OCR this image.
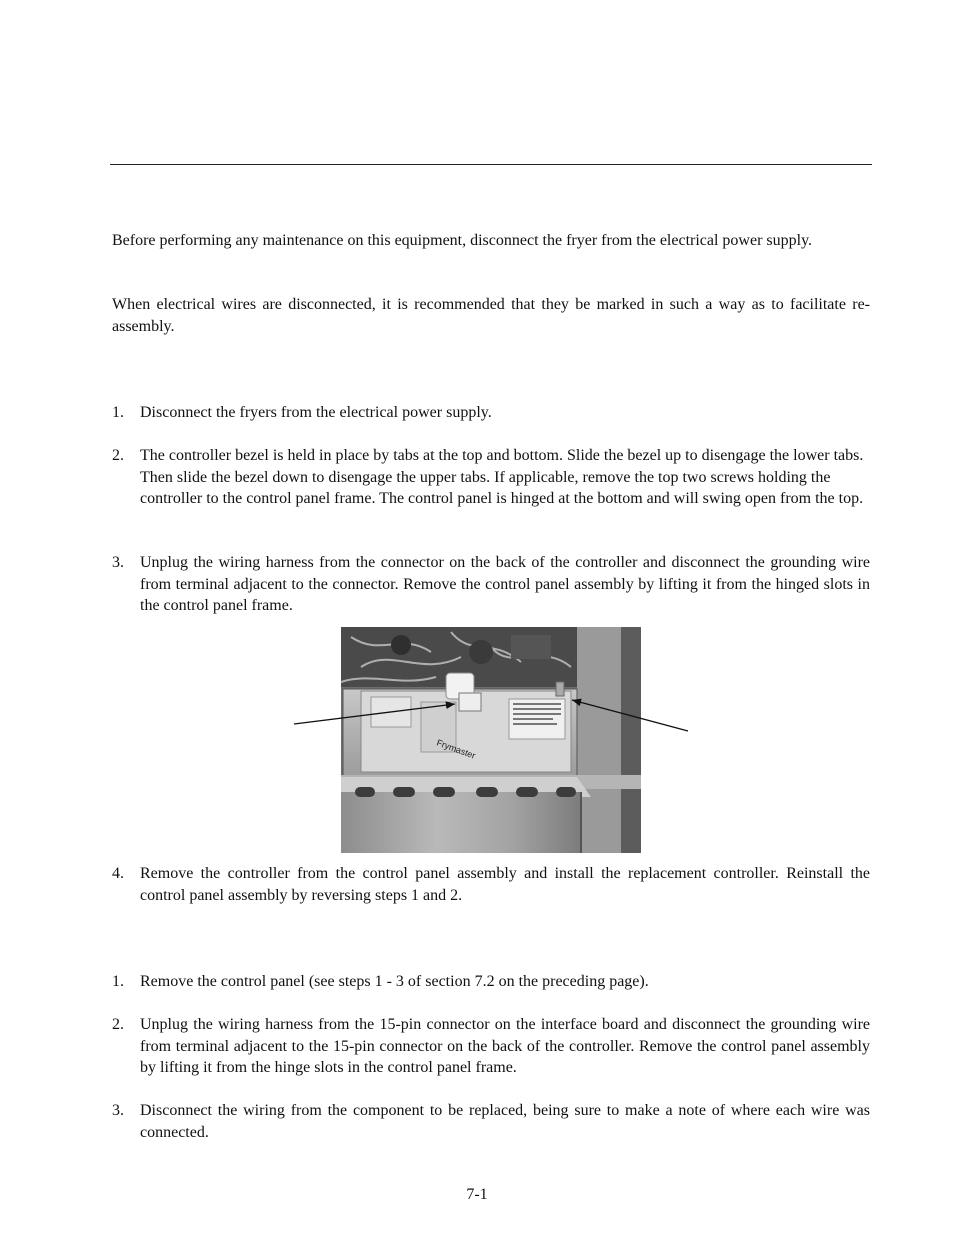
Before performing any maintenance on this equipment, disconnect the fryer from the electrical power supply.
When electrical wires are disconnected, it is recommended that they be marked in such a way as to facilitate re-assembly.
1. Disconnect the fryers from the electrical power supply.
2. The controller bezel is held in place by tabs at the top and bottom. Slide the bezel up to disengage the lower tabs. Then slide the bezel down to disengage the upper tabs. If applicable, remove the top two screws holding the controller to the control panel frame. The control panel is hinged at the bottom and will swing open from the top.
3. Unplug the wiring harness from the connector on the back of the controller and disconnect the grounding wire from terminal adjacent to the connector. Remove the control panel assembly by lifting it from the hinged slots in the control panel frame.
Frymaster
4. Remove the controller from the control panel assembly and install the replacement controller. Reinstall the control panel assembly by reversing steps 1 and 2.
1. Remove the control panel (see steps 1 - 3 of section 7.2 on the preceding page).
2. Unplug the wiring harness from the 15-pin connector on the interface board and disconnect the grounding wire from terminal adjacent to the 15-pin connector on the back of the controller. Remove the control panel assembly by lifting it from the hinge slots in the control panel frame.
3. Disconnect the wiring from the component to be replaced, being sure to make a note of where each wire was connected.
7-1
